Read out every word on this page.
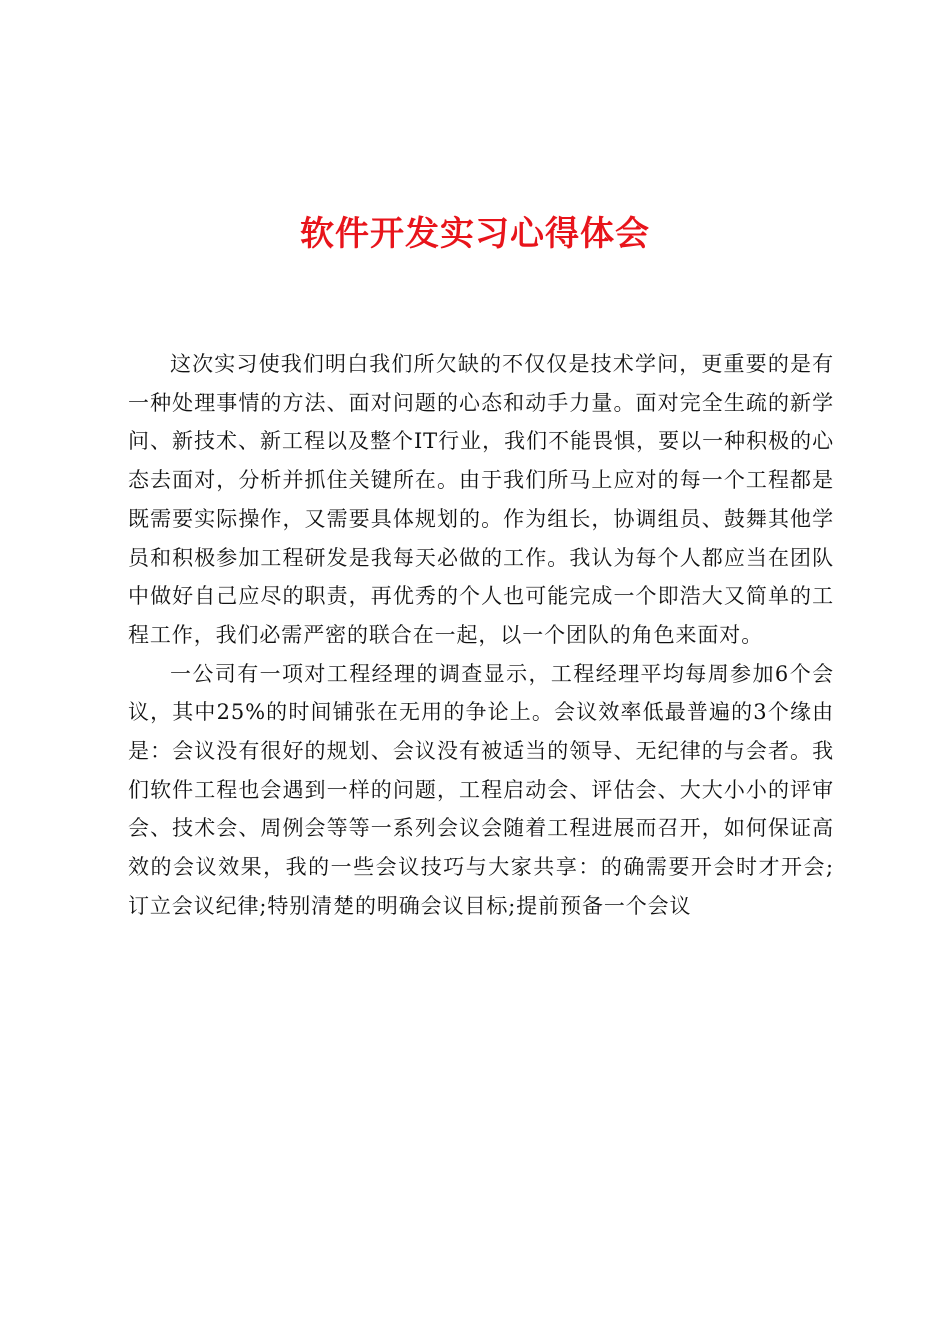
软件开发实习心得体会

这次实习使我们明白我们所欠缺的不仅仅是技术学问，更重要的是有一种处理事情的方法、面对问题的心态和动手力量。面对完全生疏的新学问、新技术、新工程以及整个IT行业，我们不能畏惧，要以一种积极的心态去面对，分析并抓住关键所在。由于我们所马上应对的每一个工程都是既需要实际操作，又需要具体规划的。作为组长，协调组员、鼓舞其他学员和积极参加工程研发是我每天必做的工作。我认为每个人都应当在团队中做好自己应尽的职责，再优秀的个人也可能完成一个即浩大又简单的工程工作，我们必需严密的联合在一起，以一个团队的角色来面对。

一公司有一项对工程经理的调查显示，工程经理平均每周参加6个会议，其中25%的时间铺张在无用的争论上。会议效率低最普遍的3个缘由是：会议没有很好的规划、会议没有被适当的领导、无纪律的与会者。我们软件工程也会遇到一样的问题，工程启动会、评估会、大大小小的评审会、技术会、周例会等等一系列会议会随着工程进展而召开，如何保证高效的会议效果，我的一些会议技巧与大家共享：的确需要开会时才开会;订立会议纪律;特别清楚的明确会议目标;提前预备一个会议
